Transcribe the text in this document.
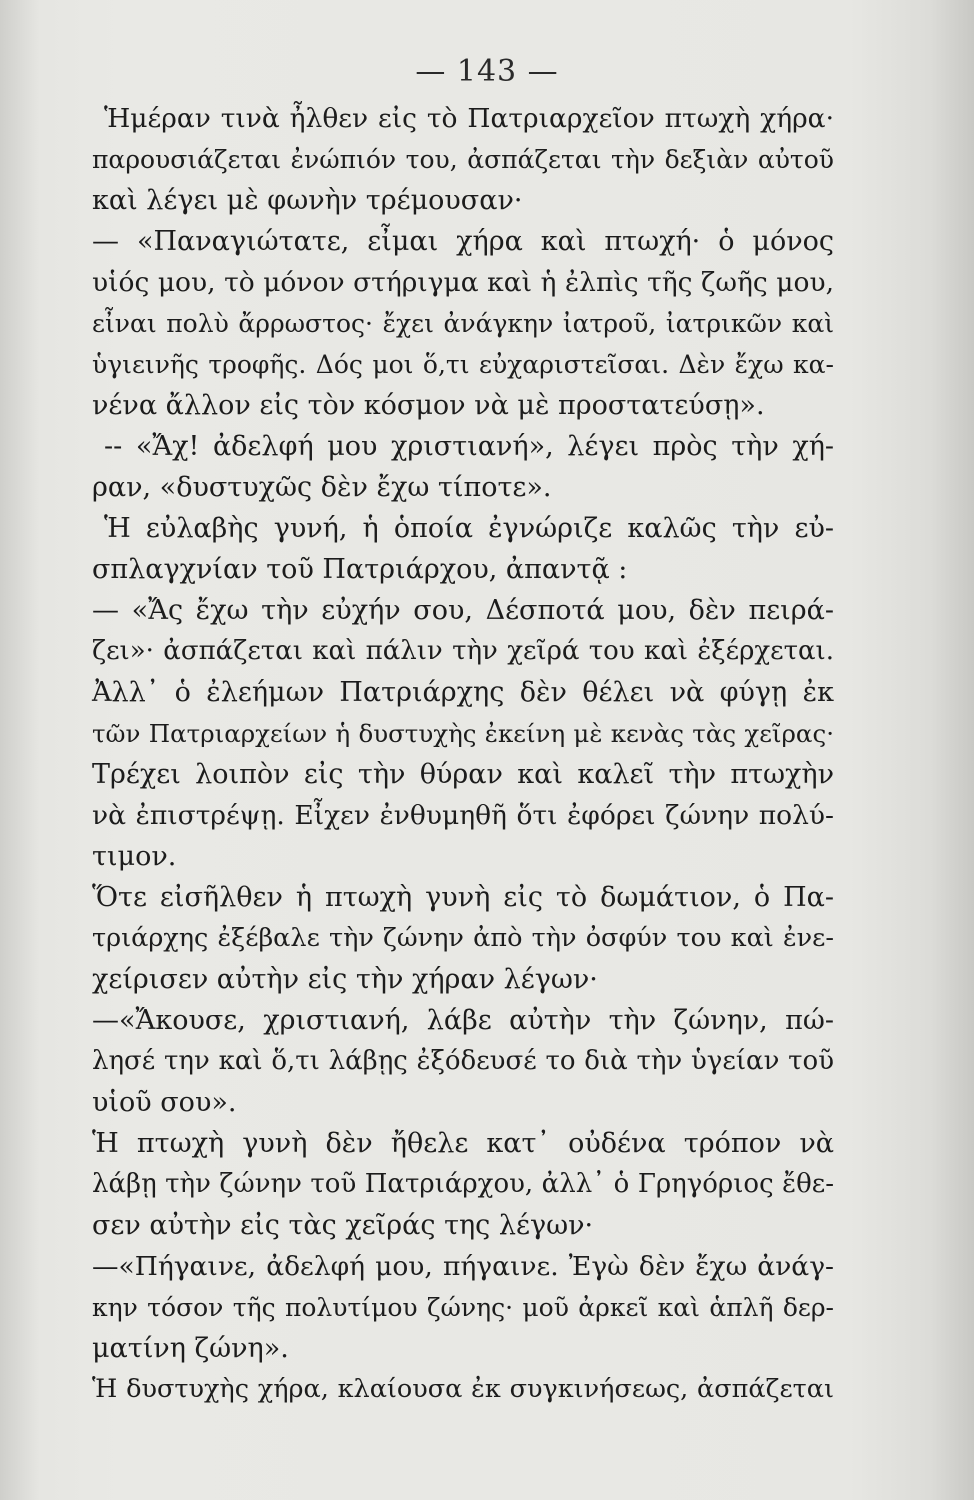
— 143 —
Ἡμέραν τινὰ ἦλθεν εἰς τὸ Πατριαρχεῖον πτωχὴ χήρα·
παρουσιάζεται ἐνώπιόν του, ἀσπάζεται τὴν δεξιὰν αὐτοῦ
καὶ λέγει μὲ φωνὴν τρέμουσαν·
— «Παναγιώτατε, εἶμαι χήρα καὶ πτωχή· ὁ μόνος
υἱός μου, τὸ μόνον στήριγμα καὶ ἡ ἐλπὶς τῆς ζωῆς μου,
εἶναι πολὺ ἄρρωστος· ἔχει ἀνάγκην ἰατροῦ, ἰατρικῶν καὶ
ὑγιεινῆς τροφῆς. Δός μοι ὅ,τι εὐχαριστεῖσαι. Δὲν ἔχω κα-
νένα ἄλλον εἰς τὸν κόσμον νὰ μὲ προστατεύσῃ».
-- «Ἄχ! ἀδελφή μου χριστιανή», λέγει πρὸς τὴν χή-
ραν, «δυστυχῶς δὲν ἔχω τίποτε».
Ἡ εὐλαβὴς γυνή, ἡ ὁποία ἐγνώριζε καλῶς τὴν εὐ-
σπλαγχνίαν τοῦ Πατριάρχου, ἀπαντᾷ :
— «Ἄς ἔχω τὴν εὐχήν σου, Δέσποτά μου, δὲν πειρά-
ζει»· ἀσπάζεται καὶ πάλιν τὴν χεῖρά του καὶ ἐξέρχεται.
Ἀλλ᾽ ὁ ἐλεήμων Πατριάρχης δὲν θέλει νὰ φύγῃ ἐκ
τῶν Πατριαρχείων ἡ δυστυχὴς ἐκείνη μὲ κενὰς τὰς χεῖρας·
Τρέχει λοιπὸν εἰς τὴν θύραν καὶ καλεῖ τὴν πτωχὴν
νὰ ἐπιστρέψῃ. Εἶχεν ἐνθυμηθῆ ὅτι ἐφόρει ζώνην πολύ-
τιμον.
Ὅτε εἰσῆλθεν ἡ πτωχὴ γυνὴ εἰς τὸ δωμάτιον, ὁ Πα-
τριάρχης ἐξέβαλε τὴν ζώνην ἀπὸ τὴν ὀσφύν του καὶ ἐνε-
χείρισεν αὐτὴν εἰς τὴν χήραν λέγων·
—«Ἄκουσε, χριστιανή, λάβε αὐτὴν τὴν ζώνην, πώ-
λησέ την καὶ ὅ,τι λάβῃς ἐξόδευσέ το διὰ τὴν ὑγείαν τοῦ
υἱοῦ σου».
Ἡ πτωχὴ γυνὴ δὲν ἤθελε κατ᾽ οὐδένα τρόπον νὰ
λάβῃ τὴν ζώνην τοῦ Πατριάρχου, ἀλλ᾽ ὁ Γρηγόριος ἔθε-
σεν αὐτὴν εἰς τὰς χεῖράς της λέγων·
—«Πήγαινε, ἀδελφή μου, πήγαινε. Ἐγὼ δὲν ἔχω ἀνάγ-
κην τόσον τῆς πολυτίμου ζώνης· μοῦ ἀρκεῖ καὶ ἁπλῆ δερ-
ματίνη ζώνη».
Ἡ δυστυχὴς χήρα, κλαίουσα ἐκ συγκινήσεως, ἀσπάζεται
